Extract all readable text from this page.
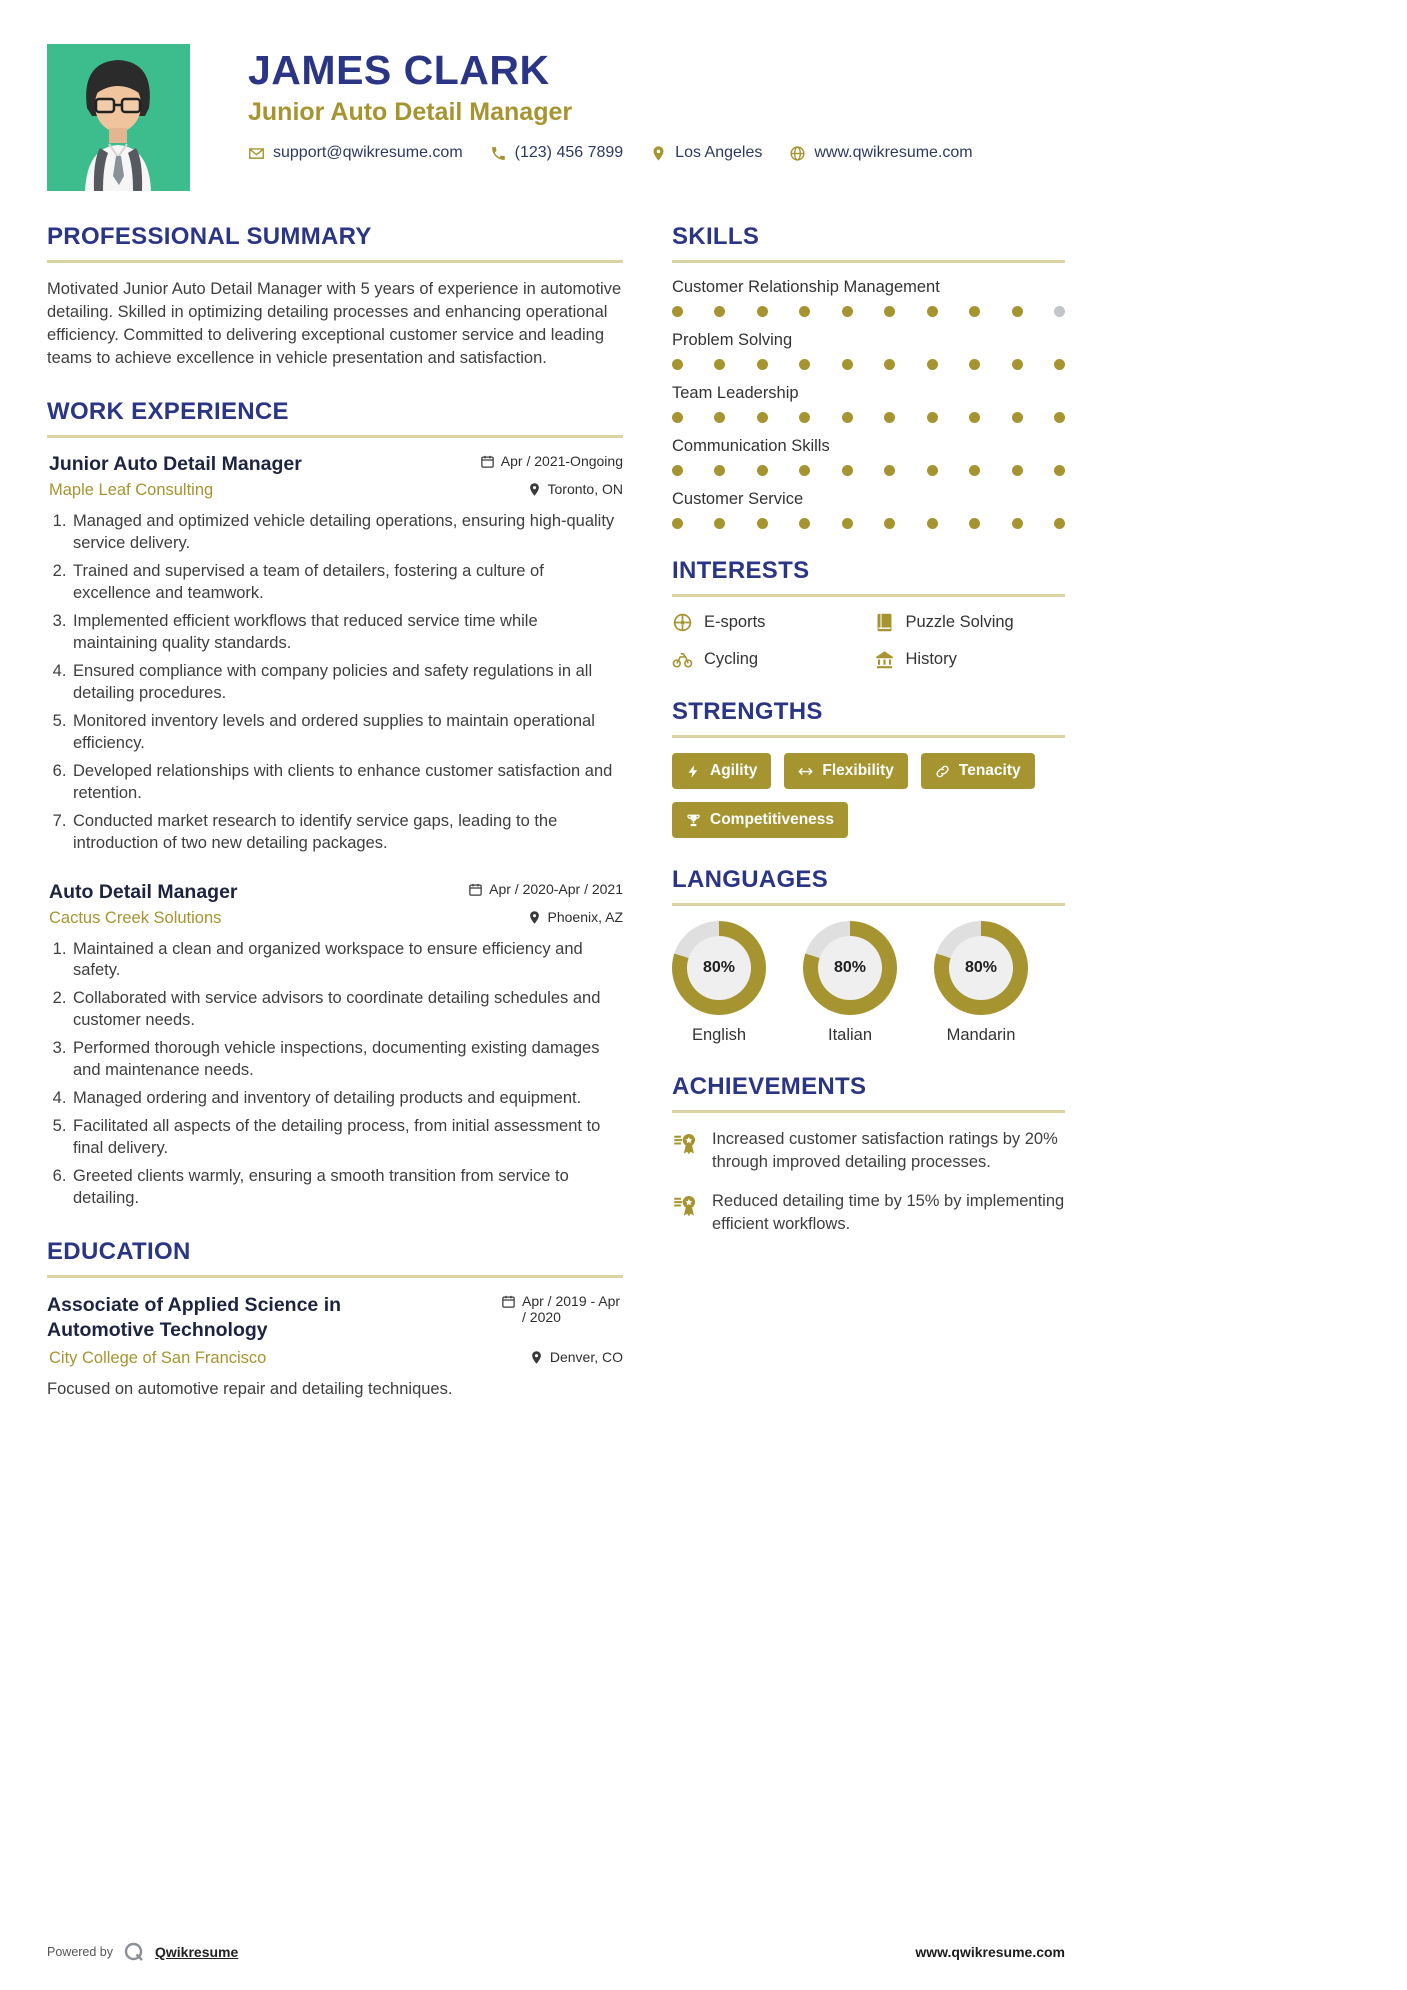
JAMES CLARK
Junior Auto Detail Manager
support@qwikresume.com	(123) 456 7899	Los Angeles	www.qwikresume.com
PROFESSIONAL SUMMARY

Motivated Junior Auto Detail Manager with 5 years of experience in automotive detailing. Skilled in optimizing detailing processes and enhancing operational efficiency. Committed to delivering exceptional customer service and leading teams to achieve excellence in vehicle presentation and satisfaction.

WORK EXPERIENCE
Junior Auto Detail Manager	Apr / 2021-Ongoing
Maple Leaf Consulting	Toronto, ON
1. Managed and optimized vehicle detailing operations, ensuring high-quality service delivery.
2. Trained and supervised a team of detailers, fostering a culture of excellence and teamwork.
3. Implemented efficient workflows that reduced service time while maintaining quality standards.
4. Ensured compliance with company policies and safety regulations in all detailing procedures.
5. Monitored inventory levels and ordered supplies to maintain operational efficiency.
6. Developed relationships with clients to enhance customer satisfaction and retention.
7. Conducted market research to identify service gaps, leading to the introduction of two new detailing packages.
Auto Detail Manager	Apr / 2020-Apr / 2021
Cactus Creek Solutions	Phoenix, AZ
1. Maintained a clean and organized workspace to ensure efficiency and safety.
2. Collaborated with service advisors to coordinate detailing schedules and customer needs.
3. Performed thorough vehicle inspections, documenting existing damages and maintenance needs.
4. Managed ordering and inventory of detailing products and equipment.
5. Facilitated all aspects of the detailing process, from initial assessment to final delivery.
6. Greeted clients warmly, ensuring a smooth transition from service to detailing.
EDUCATION
Associate of Applied Science in Automotive Technology
Apr / 2019 - Apr / 2020
City College of San Francisco	Denver, CO

Focused on automotive repair and detailing techniques.

SKILLS
Customer Relationship Management
Problem Solving
Team Leadership
Communication Skills
Customer Service
INTERESTS
E-sports	Puzzle Solving
Cycling	History
STRENGTHS
Agility	Flexibility	Tenacity
Competitiveness
LANGUAGES
80%
English
80%
Italian
80%
Mandarin
ACHIEVEMENTS
Increased customer satisfaction ratings by 20% through improved detailing processes.
Reduced detailing time by 15% by implementing efficient workflows.
Powered by	Qwikresume	www.qwikresume.com
